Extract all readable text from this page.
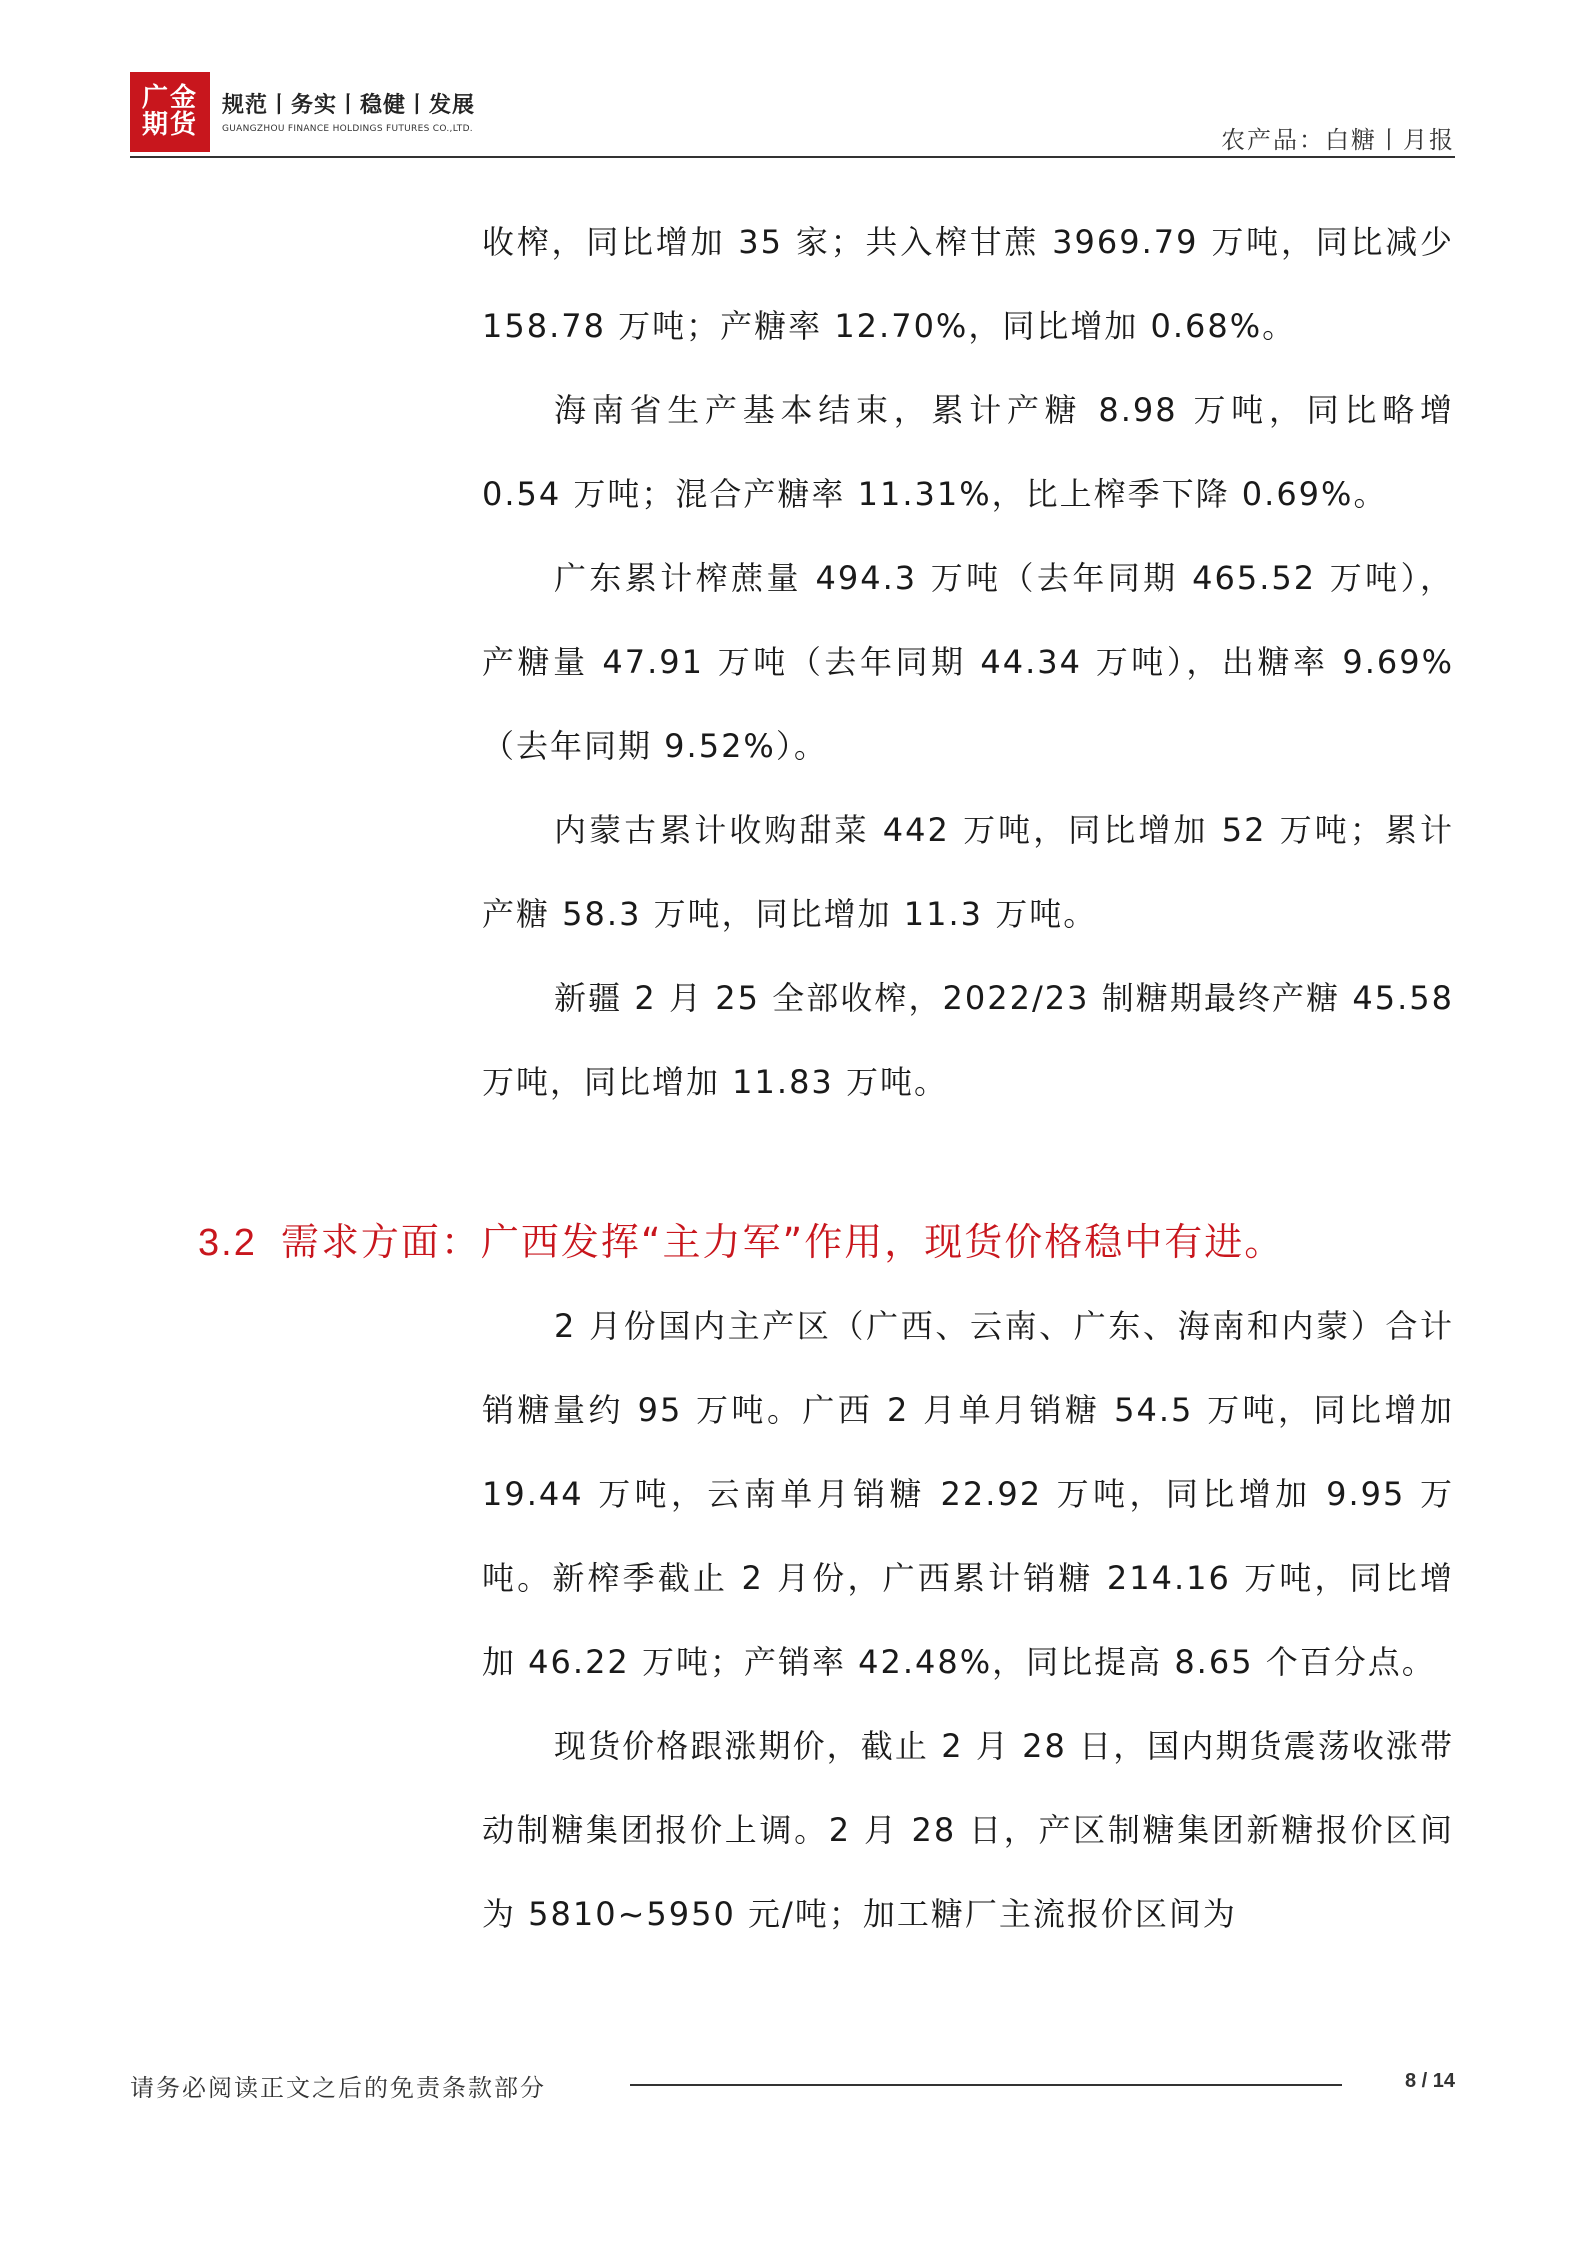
广金
期货
规范丨务实丨稳健丨发展
GUANGZHOU FINANCE HOLDINGS FUTURES CO.,LTD.	农产品：白糖丨月报

收榨，同比增加 35 家；共入榨甘蔗 3969.79 万吨，同比减少 158.78 万吨；产糖率 12.70%，同比增加 0.68%。

海南省生产基本结束，累计产糖 8.98 万吨，同比略增 0.54 万吨；混合产糖率 11.31%，比上榨季下降 0.69%。

广东累计榨蔗量 494.3 万吨（去年同期 465.52 万吨），产糖量 47.91 万吨（去年同期 44.34 万吨），出糖率 9.69%（去年同期 9.52%）。

内蒙古累计收购甜菜 442 万吨，同比增加 52 万吨；累计产糖 58.3 万吨，同比增加 11.3 万吨。

新疆 2 月 25 全部收榨，2022/23 制糖期最终产糖 45.58 万吨，同比增加 11.83 万吨。

3.2 需求方面：广西发挥“主力军”作用，现货价格稳中有进。

2 月份国内主产区（广西、云南、广东、海南和内蒙）合计销糖量约 95 万吨。广西 2 月单月销糖 54.5 万吨，同比增加 19.44 万吨，云南单月销糖 22.92 万吨，同比增加 9.95 万吨。新榨季截止 2 月份，广西累计销糖 214.16 万吨，同比增加 46.22 万吨；产销率 42.48%，同比提高 8.65 个百分点。

现货价格跟涨期价，截止 2 月 28 日，国内期货震荡收涨带动制糖集团报价上调。2 月 28 日，产区制糖集团新糖报价区间为 5810~5950 元/吨；加工糖厂主流报价区间为

请务必阅读正文之后的免责条款部分	8 / 14
